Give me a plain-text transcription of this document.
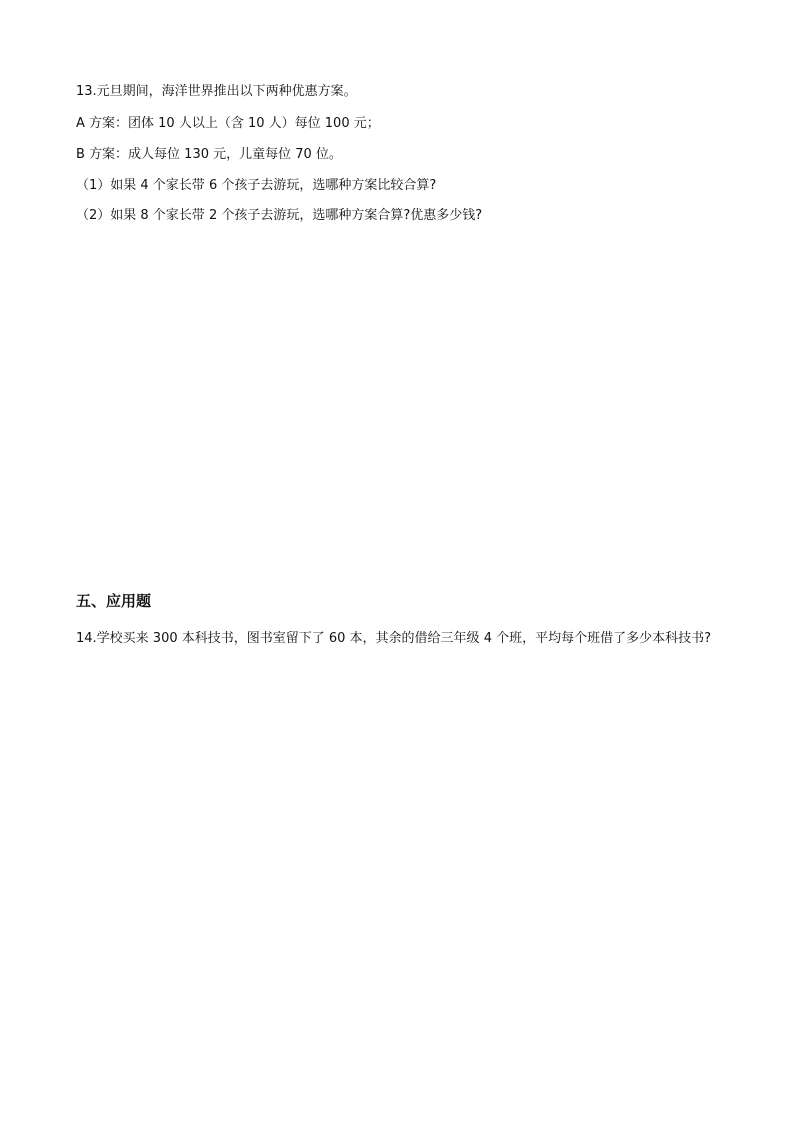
13.元旦期间，海洋世界推出以下两种优惠方案。
A 方案：团体 10 人以上（含 10 人）每位 100 元；
B 方案：成人每位 130 元，儿童每位 70 位。
（1）如果 4 个家长带 6 个孩子去游玩，选哪种方案比较合算?
（2）如果 8 个家长带 2 个孩子去游玩，选哪种方案合算?优惠多少钱?
五、应用题
14.学校买来 300 本科技书，图书室留下了 60 本，其余的借给三年级 4 个班，平均每个班借了多少本科技书?
